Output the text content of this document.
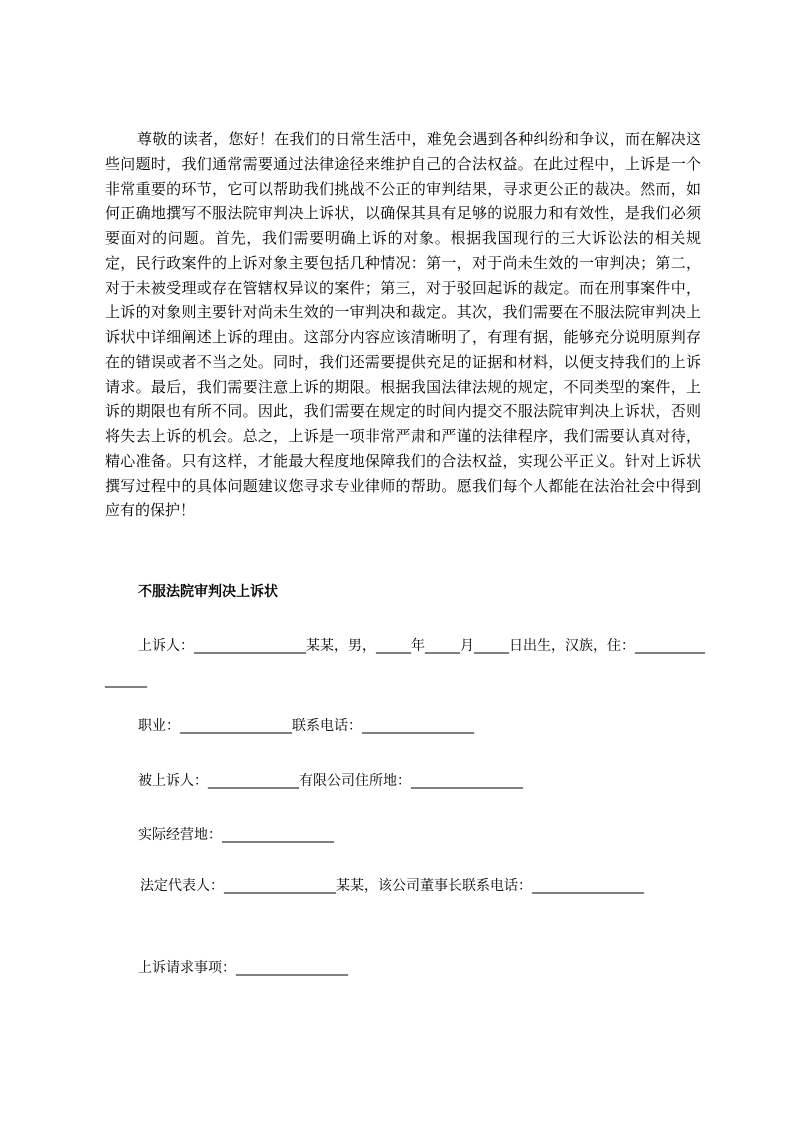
尊敬的读者，您好！在我们的日常生活中，难免会遇到各种纠纷和争议，而在解决这些问题时，我们通常需要通过法律途径来维护自己的合法权益。在此过程中，上诉是一个非常重要的环节，它可以帮助我们挑战不公正的审判结果，寻求更公正的裁决。然而，如何正确地撰写不服法院审判决上诉状，以确保其具有足够的说服力和有效性，是我们必须要面对的问题。首先，我们需要明确上诉的对象。根据我国现行的三大诉讼法的相关规定，民行政案件的上诉对象主要包括几种情况：第一，对于尚未生效的一审判决；第二，对于未被受理或存在管辖权异议的案件；第三，对于驳回起诉的裁定。而在刑事案件中，上诉的对象则主要针对尚未生效的一审判决和裁定。其次，我们需要在不服法院审判决上诉状中详细阐述上诉的理由。这部分内容应该清晰明了，有理有据，能够充分说明原判存在的错误或者不当之处。同时，我们还需要提供充足的证据和材料，以便支持我们的上诉请求。最后，我们需要注意上诉的期限。根据我国法律法规的规定，不同类型的案件，上诉的期限也有所不同。因此，我们需要在规定的时间内提交不服法院审判决上诉状，否则将失去上诉的机会。总之，上诉是一项非常严肃和严谨的法律程序，我们需要认真对待，精心准备。只有这样，才能最大程度地保障我们的合法权益，实现公平正义。针对上诉状撰写过程中的具体问题建议您寻求专业律师的帮助。愿我们每个人都能在法治社会中得到应有的保护！

不服法院审判决上诉状

上诉人：________________某某，男，_____年_____月_____日出生，汉族，住：________________

职业：________________联系电话：________________

被上诉人：_____________有限公司住所地：________________

实际经营地：________________

法定代表人：________________某某，该公司董事长联系电话：________________

上诉请求事项：________________
